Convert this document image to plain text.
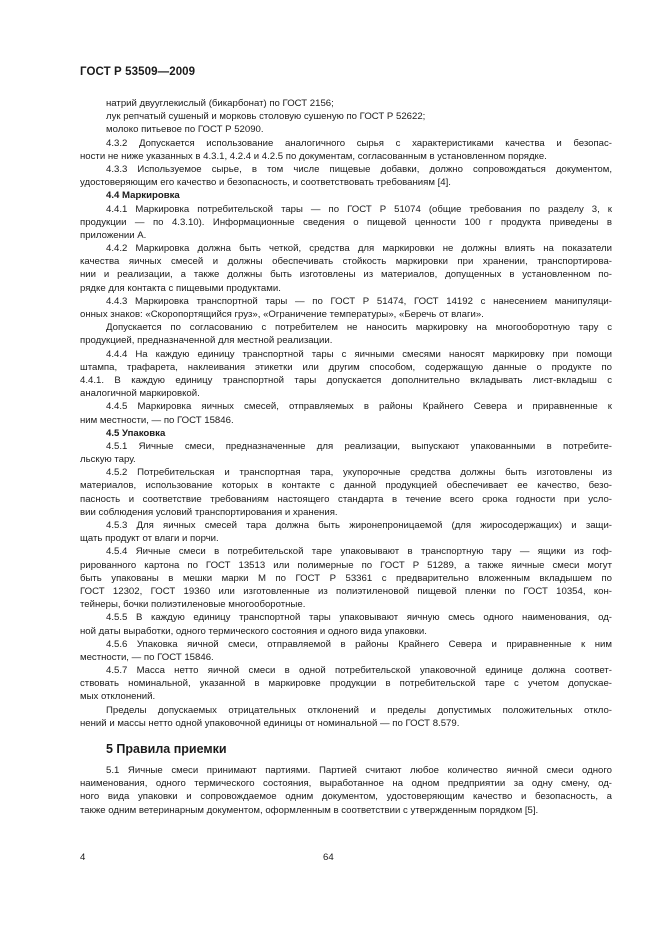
ГОСТ Р 53509—2009
натрий двууглекислый (бикарбонат) по ГОСТ 2156;
лук репчатый сушеный и морковь столовую сушеную по ГОСТ Р 52622;
молоко питьевое по ГОСТ Р 52090.
4.3.2 Допускается использование аналогичного сырья с характеристиками качества и безопас-
ности не ниже указанных в 4.3.1, 4.2.4 и 4.2.5 по документам, согласованным в установленном порядке.
4.3.3 Используемое сырье, в том числе пищевые добавки, должно сопровождаться документом,
удостоверяющим его качество и безопасность, и соответствовать требованиям [4].
4.4 Маркировка
4.4.1 Маркировка потребительской тары — по ГОСТ Р 51074 (общие требования по разделу 3, к
продукции — по 4.3.10). Информационные сведения о пищевой ценности 100 г продукта приведены в
приложении А.
4.4.2 Маркировка должна быть четкой, средства для маркировки не должны влиять на показатели
качества яичных смесей и должны обеспечивать стойкость маркировки при хранении, транспортирова-
нии и реализации, а также должны быть изготовлены из материалов, допущенных в установленном по-
рядке для контакта с пищевыми продуктами.
4.4.3 Маркировка транспортной тары — по ГОСТ Р 51474, ГОСТ 14192 с нанесением манипуляци-
онных знаков: «Скоропортящийся груз», «Ограничение температуры», «Беречь от влаги».
Допускается по согласованию с потребителем не наносить маркировку на многооборотную тару с
продукцией, предназначенной для местной реализации.
4.4.4 На каждую единицу транспортной тары с яичными смесями наносят маркировку при помощи
штампа, трафарета, наклеивания этикетки или другим способом, содержащую данные о продукте по
4.4.1. В каждую единицу транспортной тары допускается дополнительно вкладывать лист-вкладыш с
аналогичной маркировкой.
4.4.5 Маркировка яичных смесей, отправляемых в районы Крайнего Севера и приравненные к
ним местности, — по ГОСТ 15846.
4.5 Упаковка
4.5.1 Яичные смеси, предназначенные для реализации, выпускают упакованными в потребите-
льскую тару.
4.5.2 Потребительская и транспортная тара, укупорочные средства должны быть изготовлены из
материалов, использование которых в контакте с данной продукцией обеспечивает ее качество, безо-
пасность и соответствие требованиям настоящего стандарта в течение всего срока годности при усло-
вии соблюдения условий транспортирования и хранения.
4.5.3 Для яичных смесей тара должна быть жиронепроницаемой (для жиросодержащих) и защи-
щать продукт от влаги и порчи.
4.5.4 Яичные смеси в потребительской таре упаковывают в транспортную тару — ящики из гоф-
рированного картона по ГОСТ 13513 или полимерные по ГОСТ Р 51289, а также яичные смеси могут
быть упакованы в мешки марки М по ГОСТ Р 53361 с предварительно вложенным вкладышем по
ГОСТ 12302, ГОСТ 19360 или изготовленные из полиэтиленовой пищевой пленки по ГОСТ 10354, кон-
тейнеры, бочки полиэтиленовые многооборотные.
4.5.5 В каждую единицу транспортной тары упаковывают яичную смесь одного наименования, од-
ной даты выработки, одного термического состояния и одного вида упаковки.
4.5.6 Упаковка яичной смеси, отправляемой в районы Крайнего Севера и приравненные к ним
местности, — по ГОСТ 15846.
4.5.7 Масса нетто яичной смеси в одной потребительской упаковочной единице должна соответ-
ствовать номинальной, указанной в маркировке продукции в потребительской таре с учетом допускае-
мых отклонений.
Пределы допускаемых отрицательных отклонений и пределы допустимых положительных откло-
нений и массы нетто одной упаковочной единицы от номинальной — по ГОСТ 8.579.
5 Правила приемки
5.1 Яичные смеси принимают партиями. Партией считают любое количество яичной смеси одного
наименования, одного термического состояния, выработанное на одном предприятии за одну смену, од-
ного вида упаковки и сопровождаемое одним документом, удостоверяющим качество и безопасность, а
также одним ветеринарным документом, оформленным в соответствии с утвержденным порядком [5].
4	64
